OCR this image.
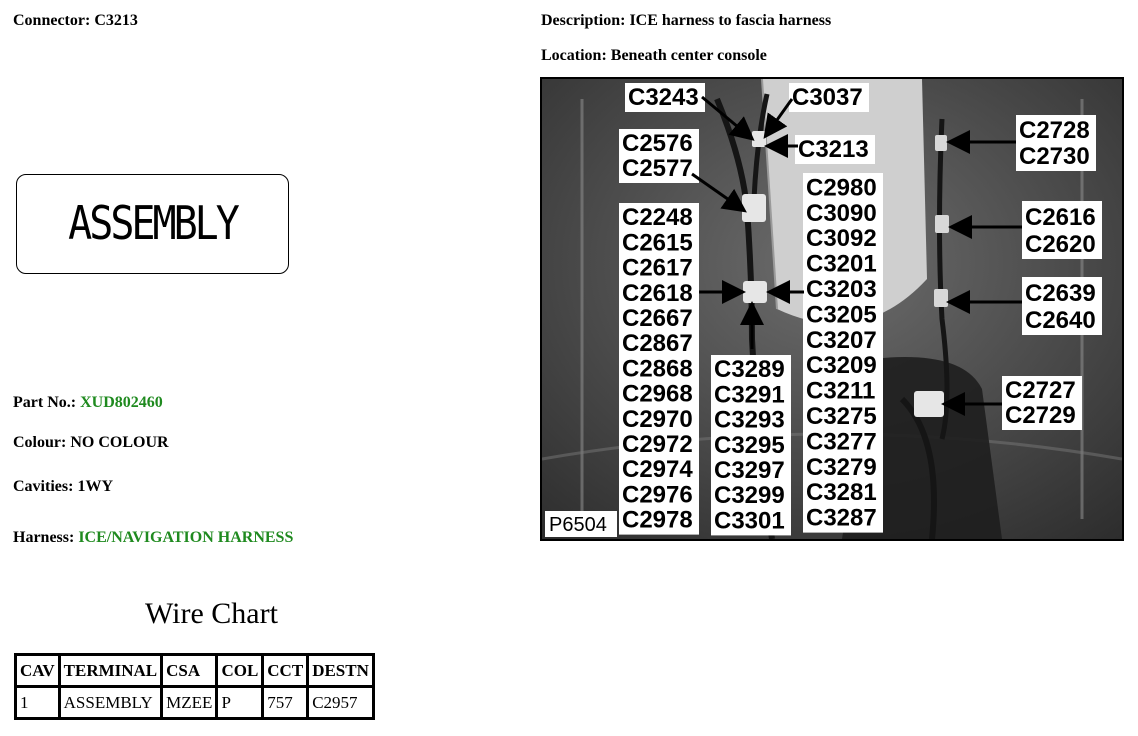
Connector: C3213	Description: ICE harness to fascia harness
Location: Beneath center console
ASSEMBLY
Part No.: XUD802460
Colour: NO COLOUR
Cavities: 1WY
Harness: ICE/NAVIGATION HARNESS
Wire Chart
CAV	TERMINAL	CSA	COL	CCT	DESTN
1	ASSEMBLY	MZEE	P	757	C2957
C3243	C3037
C3213
C2576
C2577
C2248
C2615
C2617
C2618
C2667
C2867
C2868
C2968
C2970
C2972
C2974
C2976
C2978
C3289
C3291
C3293
C3295
C3297
C3299
C3301
C2980
C3090
C3092
C3201
C3203
C3205
C3207
C3209
C3211
C3275
C3277
C3279
C3281
C3287
C2728
C2730
C2616
C2620
C2639
C2640
C2727
C2729
P6504
